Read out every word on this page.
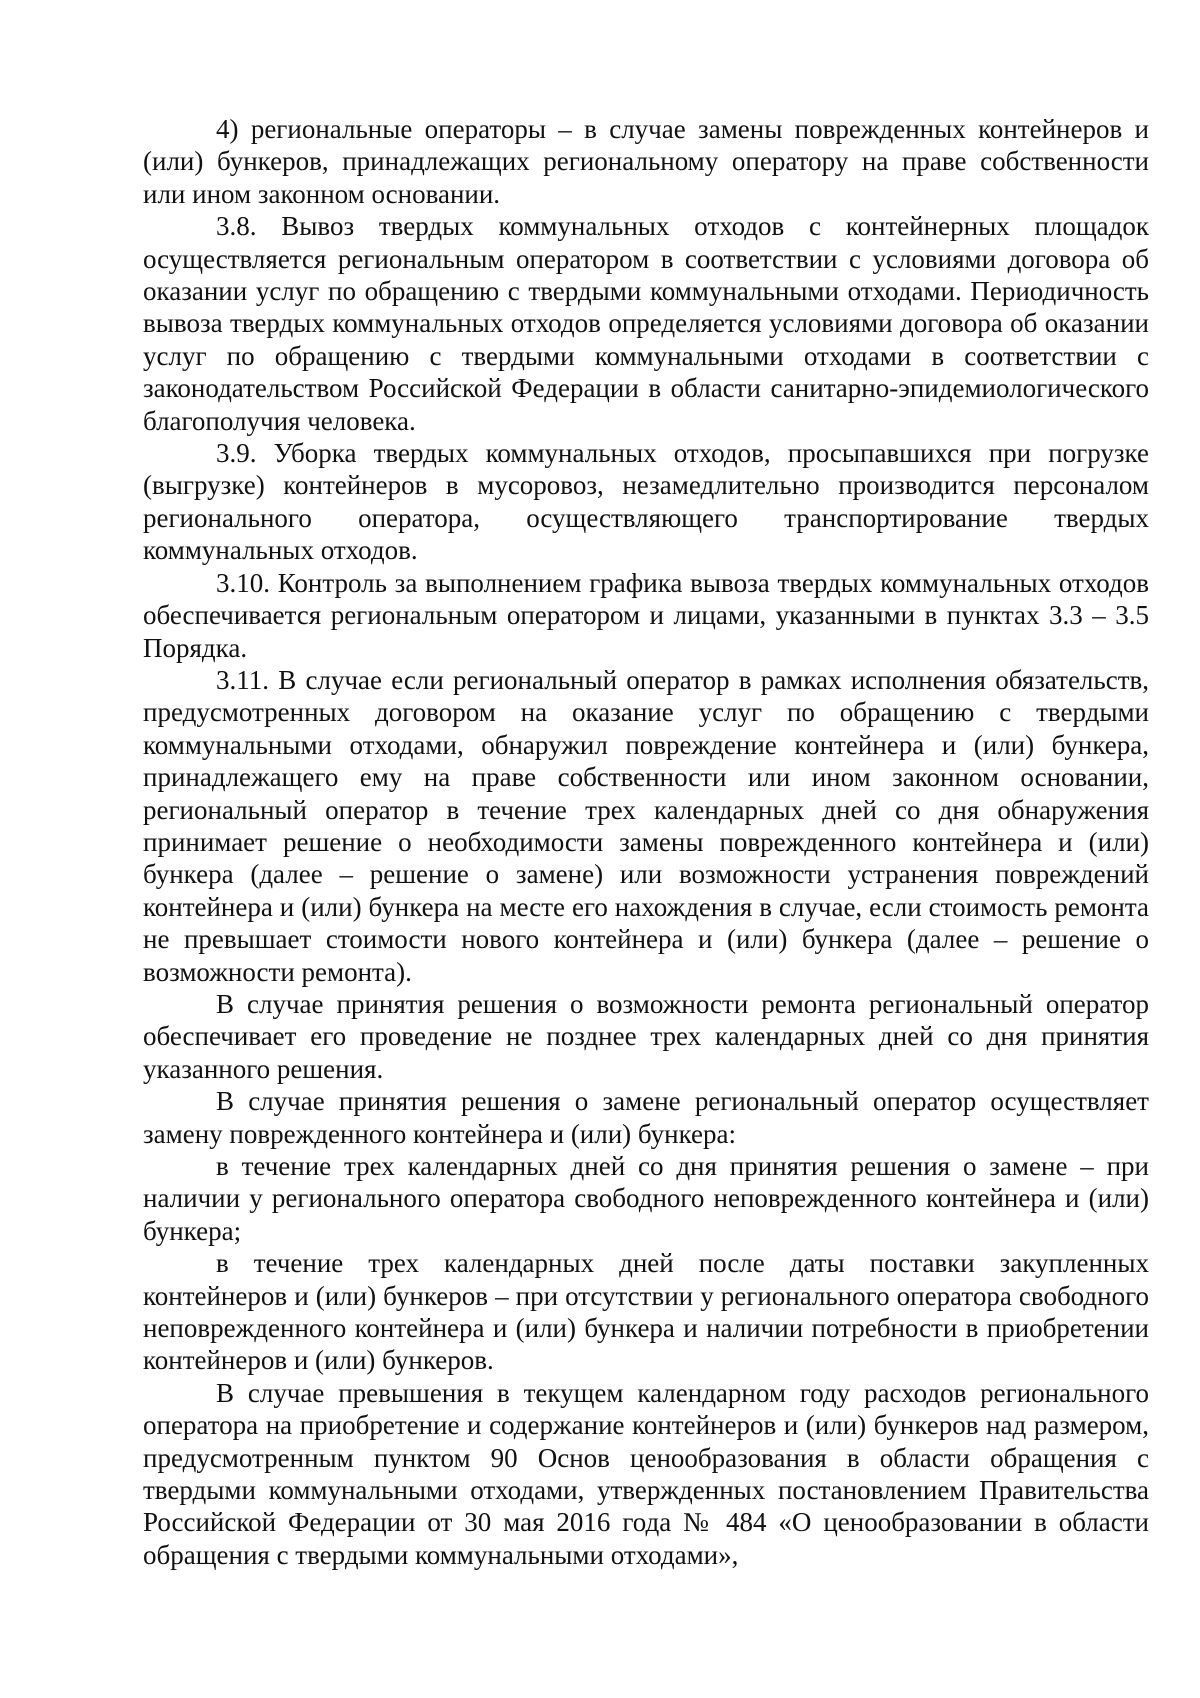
4) региональные операторы – в случае замены поврежденных контейнеров и (или) бункеров, принадлежащих региональному оператору на праве собственности или ином законном основании.

3.8. Вывоз твердых коммунальных отходов с контейнерных площадок осуществляется региональным оператором в соответствии с условиями договора об оказании услуг по обращению с твердыми коммунальными отходами. Периодичность вывоза твердых коммунальных отходов определяется условиями договора об оказании услуг по обращению с твердыми коммунальными отходами в соответствии с законодательством Российской Федерации в области санитарно-эпидемиологического благополучия человека.

3.9. Уборка твердых коммунальных отходов, просыпавшихся при погрузке (выгрузке) контейнеров в мусоровоз, незамедлительно производится персоналом регионального оператора, осуществляющего транспортирование твердых коммунальных отходов.

3.10. Контроль за выполнением графика вывоза твердых коммунальных отходов обеспечивается региональным оператором и лицами, указанными в пунктах 3.3 – 3.5 Порядка.

3.11. В случае если региональный оператор в рамках исполнения обязательств, предусмотренных договором на оказание услуг по обращению с твердыми коммунальными отходами, обнаружил повреждение контейнера и (или) бункера, принадлежащего ему на праве собственности или ином законном основании, региональный оператор в течение трех календарных дней со дня обнаружения принимает решение о необходимости замены поврежденного контейнера и (или) бункера (далее – решение о замене) или возможности устранения повреждений контейнера и (или) бункера на месте его нахождения в случае, если стоимость ремонта не превышает стоимости нового контейнера и (или) бункера (далее – решение о возможности ремонта).

В случае принятия решения о возможности ремонта региональный оператор обеспечивает его проведение не позднее трех календарных дней со дня принятия указанного решения.

В случае принятия решения о замене региональный оператор осуществляет замену поврежденного контейнера и (или) бункера:

в течение трех календарных дней со дня принятия решения о замене – при наличии у регионального оператора свободного неповрежденного контейнера и (или) бункера;

в течение трех календарных дней после даты поставки закупленных контейнеров и (или) бункеров – при отсутствии у регионального оператора свободного неповрежденного контейнера и (или) бункера и наличии потребности в приобретении контейнеров и (или) бункеров.

В случае превышения в текущем календарном году расходов регионального оператора на приобретение и содержание контейнеров и (или) бункеров над размером, предусмотренным пунктом 90 Основ ценообразования в области обращения с твердыми коммунальными отходами, утвержденных постановлением Правительства Российской Федерации от 30 мая 2016 года № 484 «О ценообразовании в области обращения с твердыми коммунальными отходами»,
